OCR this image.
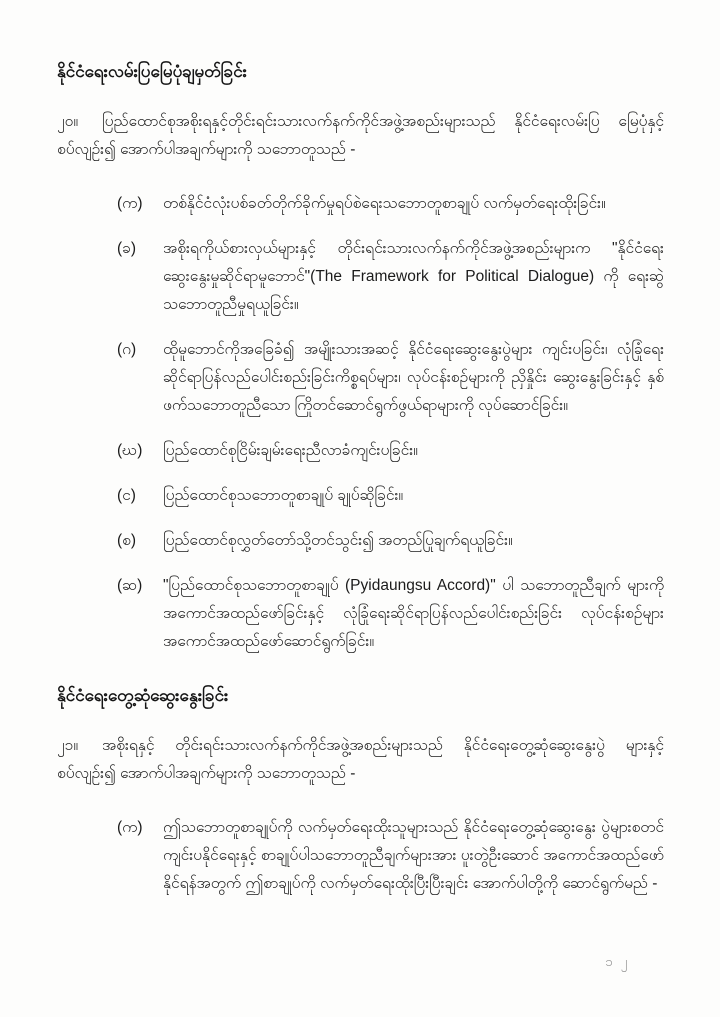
နိုင်ငံရေးလမ်းပြမြေပုံချမှတ်ခြင်း
၂၀။ ပြည်ထောင်စုအစိုးရနှင့်တိုင်းရင်းသားလက်နက်ကိုင်အဖွဲ့အစည်းများသည် နိုင်ငံရေးလမ်းပြ မြေပုံနှင့်စပ်လျဉ်း၍ အောက်ပါအချက်များကို သဘောတူသည် -
(က)	တစ်နိုင်ငံလုံးပစ်ခတ်တိုက်ခိုက်မှုရပ်စဲရေးသဘောတူစာချုပ် လက်မှတ်ရေးထိုးခြင်း။
(ခ)	အစိုးရကိုယ်စားလှယ်များနှင့် တိုင်းရင်းသားလက်နက်ကိုင်အဖွဲ့အစည်းများက "နိုင်ငံရေးဆွေးနွေးမှုဆိုင်ရာမူဘောင်"(The Framework for Political Dialogue) ကို ရေးဆွဲသဘောတူညီမှုရယူခြင်း။
(ဂ)	ထိုမူဘောင်ကိုအခြေခံ၍ အမျိုးသားအဆင့် နိုင်ငံရေးဆွေးနွေးပွဲများ ကျင်းပခြင်း၊ လုံခြုံရေးဆိုင်ရာပြန်လည်ပေါင်းစည်းခြင်းကိစ္စရပ်များ၊ လုပ်ငန်းစဉ်များကို ညှိနှိုင်း ဆွေးနွေးခြင်းနှင့် နှစ်ဖက်သဘောတူညီသော ကြိုတင်ဆောင်ရွက်ဖွယ်ရာများကို လုပ်ဆောင်ခြင်း။
(ဃ)	ပြည်ထောင်စုငြိမ်းချမ်းရေးညီလာခံကျင်းပခြင်း။
(င)	ပြည်ထောင်စုသဘောတူစာချုပ် ချုပ်ဆိုခြင်း။
(စ)	ပြည်ထောင်စုလွှတ်တော်သို့တင်သွင်း၍ အတည်ပြုချက်ရယူခြင်း။
(ဆ)	"ပြည်ထောင်စုသဘောတူစာချုပ် (Pyidaungsu Accord)" ပါ သဘောတူညီချက် များကို အကောင်အထည်ဖော်ခြင်းနှင့် လုံခြုံရေးဆိုင်ရာပြန်လည်ပေါင်းစည်းခြင်း လုပ်ငန်းစဉ်များ အကောင်အထည်ဖော်ဆောင်ရွက်ခြင်း။
နိုင်ငံရေးတွေ့ဆုံဆွေးနွေးခြင်း
၂၁။ အစိုးရနှင့် တိုင်းရင်းသားလက်နက်ကိုင်အဖွဲ့အစည်းများသည် နိုင်ငံရေးတွေ့ဆုံဆွေးနွေးပွဲ များနှင့်စပ်လျဉ်း၍ အောက်ပါအချက်များကို သဘောတူသည် -
(က)	ဤသဘောတူစာချုပ်ကို လက်မှတ်ရေးထိုးသူများသည် နိုင်ငံရေးတွေ့ဆုံဆွေးနွေး ပွဲများစတင်ကျင်းပနိုင်ရေးနှင့် စာချုပ်ပါသဘောတူညီချက်များအား ပူးတွဲဦးဆောင် အကောင်အထည်ဖော်နိုင်ရန်အတွက် ဤစာချုပ်ကို လက်မှတ်ရေးထိုးပြီးပြီးချင်း အောက်ပါတို့ကို ဆောင်ရွက်မည် -
၁၂
